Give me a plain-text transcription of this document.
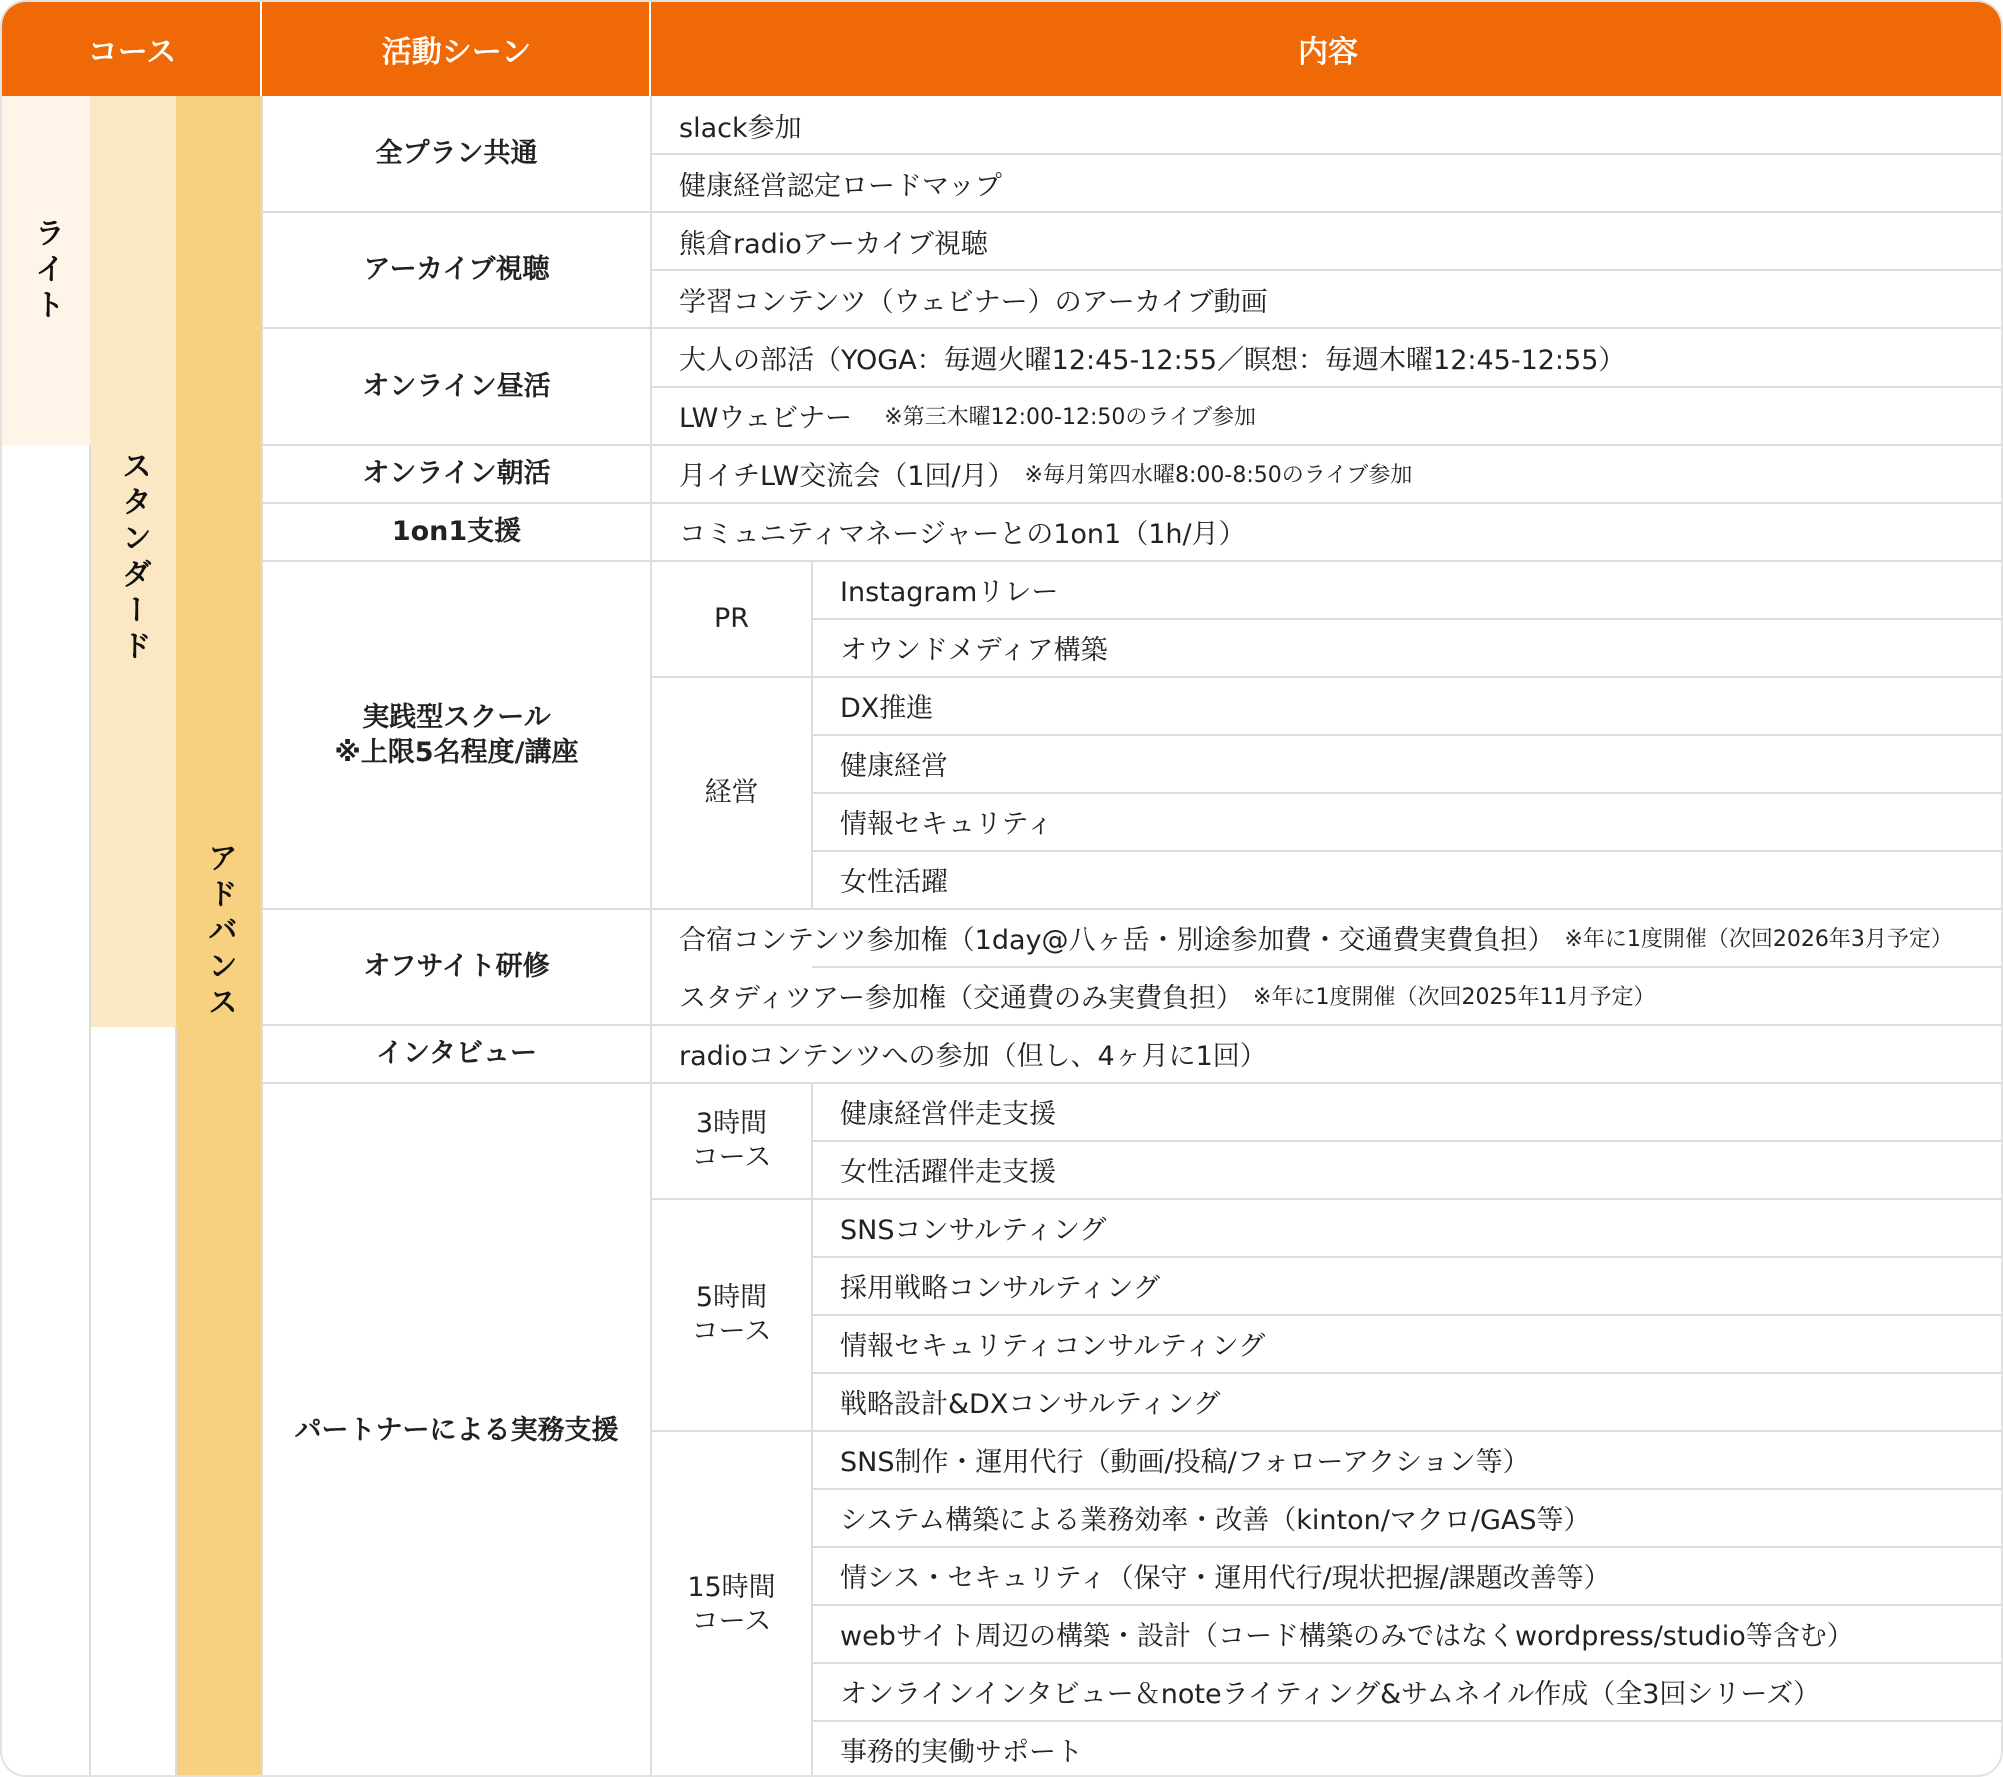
ライト
スタンダード
アドバンス
コース	活動シーン	内容
全プラン共通
アーカイブ視聴
オンライン昼活
オンライン朝活
1on1支援
実践型スクール
※上限5名程度/講座
オフサイト研修
インタビュー
パートナーによる実務支援
PR
経営
3時間
コース
5時間
コース
15時間
コース
slack参加
健康経営認定ロードマップ
熊倉radioアーカイブ視聴
学習コンテンツ（ウェビナー）のアーカイブ動画
大人の部活（YOGA：毎週火曜12:45-12:55／瞑想：毎週木曜12:45-12:55）
LWウェビナー 　※第三木曜12:00-12:50のライブ参加
月イチLW交流会（1回/月） ※毎月第四水曜8:00-8:50のライブ参加
コミュニティマネージャーとの1on1（1h/月）
Instagramリレー
オウンドメディア構築
DX推進
健康経営
情報セキュリティ
女性活躍
合宿コンテンツ参加権（1day@八ヶ岳・別途参加費・交通費実費負担） ※年に1度開催（次回2026年3月予定）
スタディツアー参加権（交通費のみ実費負担） ※年に1度開催（次回2025年11月予定）
radioコンテンツへの参加（但し、4ヶ月に1回）
健康経営伴走支援
女性活躍伴走支援
SNSコンサルティング
採用戦略コンサルティング
情報セキュリティコンサルティング
戦略設計&DXコンサルティング
SNS制作・運用代行（動画/投稿/フォローアクション等）
システム構築による業務効率・改善（kinton/マクロ/GAS等）
情シス・セキュリティ（保守・運用代行/現状把握/課題改善等）
webサイト周辺の構築・設計（コード構築のみではなくwordpress/studio等含む）
オンラインインタビュー＆noteライティング&サムネイル作成（全3回シリーズ）
事務的実働サポート
